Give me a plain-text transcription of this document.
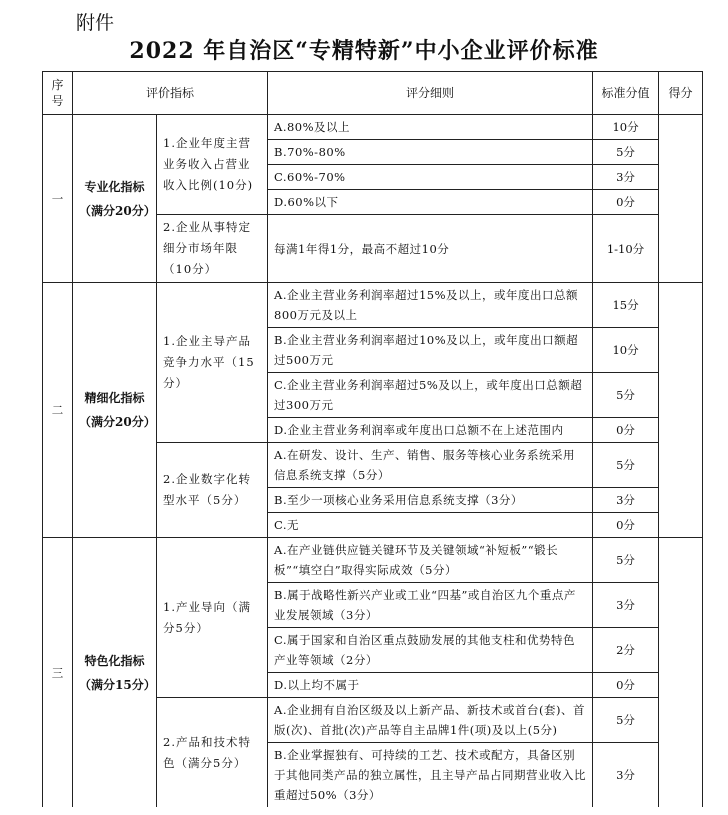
附件
2022 年自治区“专精特新”中小企业评价标准
序号	评价指标		评分细则	标准分值	得分
一	专业化指标（满分20分）	1.企业年度主营业务收入占营业收入比例(10分)	A.80%及以上	10分	
			B.70%-80%	5分	
			C.60%-70%	3分	
			D.60%以下	0分	
		2.企业从事特定细分市场年限（10分）	每满1年得1分，最高不超过10分	1-10分	
二	精细化指标（满分20分）	1.企业主导产品竞争力水平（15分）	A.企业主营业务利润率超过15%及以上，或年度出口总额800万元及以上	15分	
			B.企业主营业务利润率超过10%及以上，或年度出口额超过500万元	10分	
			C.企业主营业务利润率超过5%及以上，或年度出口总额超过300万元	5分	
			D.企业主营业务利润率或年度出口总额不在上述范围内	0分	
		2.企业数字化转型水平（5分）	A.在研发、设计、生产、销售、服务等核心业务系统采用信息系统支撑（5分）	5分	
			B.至少一项核心业务采用信息系统支撑（3分）	3分	
			C.无	0分	
三	特色化指标（满分15分）	1.产业导向（满分5分）	A.在产业链供应链关键环节及关键领域“补短板”“锻长板”“填空白”取得实际成效（5分）	5分	
			B.属于战略性新兴产业或工业“四基”或自治区九个重点产业发展领域（3分）	3分	
			C.属于国家和自治区重点鼓励发展的其他支柱和优势特色产业等领域（2分）	2分	
			D.以上均不属于	0分	
		2.产品和技术特色（满分5分）	A.企业拥有自治区级及以上新产品、新技术或首台(套)、首版(次)、首批(次)产品等自主品牌1件(项)及以上(5分)	5分	
			B.企业掌握独有、可持续的工艺、技术或配方，具备区别于其他同类产品的独立属性，且主导产品占同期营业收入比重超过50%（3分）	3分	
